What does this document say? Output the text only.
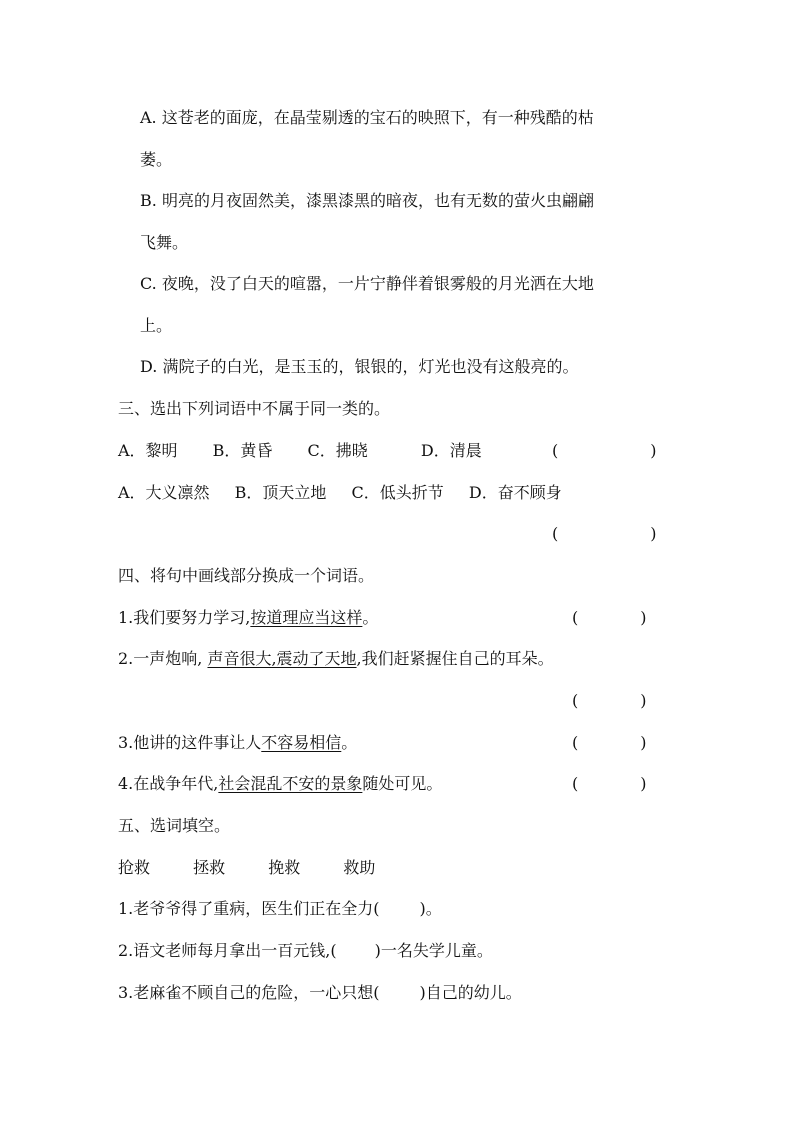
A. 这苍老的面庞，在晶莹剔透的宝石的映照下，有一种残酷的枯
萎。
B. 明亮的月夜固然美，漆黑漆黑的暗夜，也有无数的萤火虫翩翩
飞舞。
C. 夜晚，没了白天的喧嚣，一片宁静伴着银雾般的月光洒在大地
上。
D. 满院子的白光，是玉玉的，银银的，灯光也没有这般亮的。
三、选出下列词语中不属于同一类的。
A．黎明 B．黄昏 C．拂晓	D．清晨	(	)
A．大义凛然 B．顶天立地 C．低头折节 D．奋不顾身
(	)
四、将句中画线部分换成一个词语。
1.我们要努力学习,按道理应当这样。	(	)
2.一声炮响, 声音很大,震动了天地,我们赶紧握住自己的耳朵。
(	)
3.他讲的这件事让人不容易相信。	(	)
4.在战争年代,社会混乱不安的景象随处可见。	(	)
五、选词填空。
抢救	拯救	挽救	救助
1.老爷爷得了重病，医生们正在全力(	)。
2.语文老师每月拿出一百元钱,( )一名失学儿童。
3.老麻雀不顾自己的危险，一心只想(	)自己的幼儿。
